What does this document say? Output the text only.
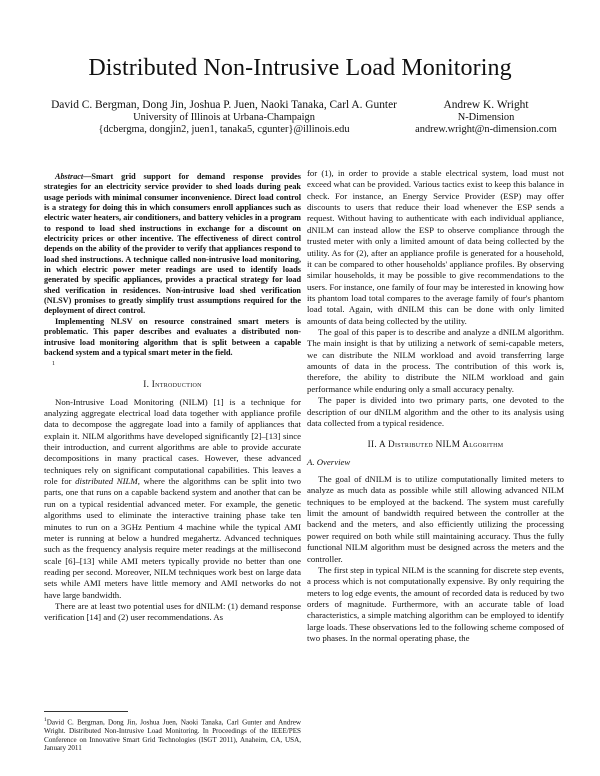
Distributed Non-Intrusive Load Monitoring
David C. Bergman, Dong Jin, Joshua P. Juen, Naoki Tanaka, Carl A. Gunter
University of Illinois at Urbana-Champaign
{dcbergma, dongjin2, juen1, tanaka5, cgunter}@illinois.edu
Andrew K. Wright
N-Dimension
andrew.wright@n-dimension.com

Abstract—Smart grid support for demand response provides strategies for an electricity service provider to shed loads during peak usage periods with minimal consumer inconvenience. Direct load control is a strategy for doing this in which consumers enroll appliances such as electric water heaters, air conditioners, and battery vehicles in a program to respond to load shed instructions in exchange for a discount on electricity prices or other incentive. The effectiveness of direct control depends on the ability of the provider to verify that appliances respond to load shed instructions. A technique called non-intrusive load monitoring, in which electric power meter readings are used to identify loads generated by specific appliances, provides a practical strategy for load shed verification in residences. Non-intrusive load shed verification (NLSV) promises to greatly simplify trust assumptions required for the deployment of direct control.

Implementing NLSV on resource constrained smart meters is problematic. This paper describes and evaluates a distributed non-intrusive load monitoring algorithm that is split between a capable backend system and a typical smart meter in the field.

1
I. Introduction

Non-Intrusive Load Monitoring (NILM) [1] is a technique for analyzing aggregate electrical load data together with appliance profile data to decompose the aggregate load into a family of appliances that explain it. NILM algorithms have developed significantly [2]–[13] since their introduction, and current algorithms are able to provide accurate decompositions in many practical cases. However, these advanced techniques rely on significant computational capabilities. This leaves a role for distributed NILM, where the algorithms can be split into two parts, one that runs on a capable backend system and another that can be run on a typical residential advanced meter. For example, the genetic algorithms used to eliminate the interactive training phase take ten minutes to run on a 3GHz Pentium 4 machine while the typical AMI meter is running at below a hundred megahertz. Advanced techniques such as the frequency analysis require meter readings at the millisecond scale [6]–[13] while AMI meters typically provide no better than one reading per second. Moreover, NILM techniques work best on large data sets while AMI meters have little memory and AMI networks do not have large bandwidth.

There are at least two potential uses for dNILM: (1) demand response verification [14] and (2) user recommendations. As

for (1), in order to provide a stable electrical system, load must not exceed what can be provided. Various tactics exist to keep this balance in check. For instance, an Energy Service Provider (ESP) may offer discounts to users that reduce their load whenever the ESP sends a request. Without having to authenticate with each individual appliance, dNILM can instead allow the ESP to observe compliance through the trusted meter with only a limited amount of data being collected by the utility. As for (2), after an appliance profile is generated for a household, it can be compared to other households' appliance profiles. By observing similar households, it may be possible to give recommendations to the users. For instance, one family of four may be interested in knowing how its phantom load total compares to the average family of four's phantom load total. Again, with dNILM this can be done with only limited amounts of data being collected by the utility.

The goal of this paper is to describe and analyze a dNILM algorithm. The main insight is that by utilizing a network of semi-capable meters, we can distribute the NILM workload and avoid transferring large amounts of data in the process. The contribution of this work is, therefore, the ability to distribute the NILM workload and gain performance while enduring only a small accuracy penalty.

The paper is divided into two primary parts, one devoted to the description of our dNILM algorithm and the other to its analysis using data collected from a typical residence.

II. A Distributed NILM Algorithm
A. Overview

The goal of dNILM is to utilize computationally limited meters to analyze as much data as possible while still allowing advanced NILM techniques to be employed at the backend. The system must carefully limit the amount of bandwidth required between the controller at the backend and the meters, and also efficiently utilizing the processing power required on both while still maintaining accuracy. Thus the fully functional NILM algorithm must be designed across the meters and the controller.

The first step in typical NILM is the scanning for discrete step events, a process which is not computationally expensive. By only requiring the meters to log edge events, the amount of recorded data is reduced by two orders of magnitude. Furthermore, with an accurate table of load characteristics, a simple matching algorithm can be employed to identify large loads. These observations led to the following scheme composed of two phases. In the normal operating phase, the

$^1$David C. Bergman, Dong Jin, Joshua Juen, Naoki Tanaka, Carl Gunter and Andrew Wright. Distributed Non-Intrusive Load Monitoring. In Proceedings of the IEEE/PES Conference on Innovative Smart Grid Technologies (ISGT 2011), Anaheim, CA, USA, January 2011
